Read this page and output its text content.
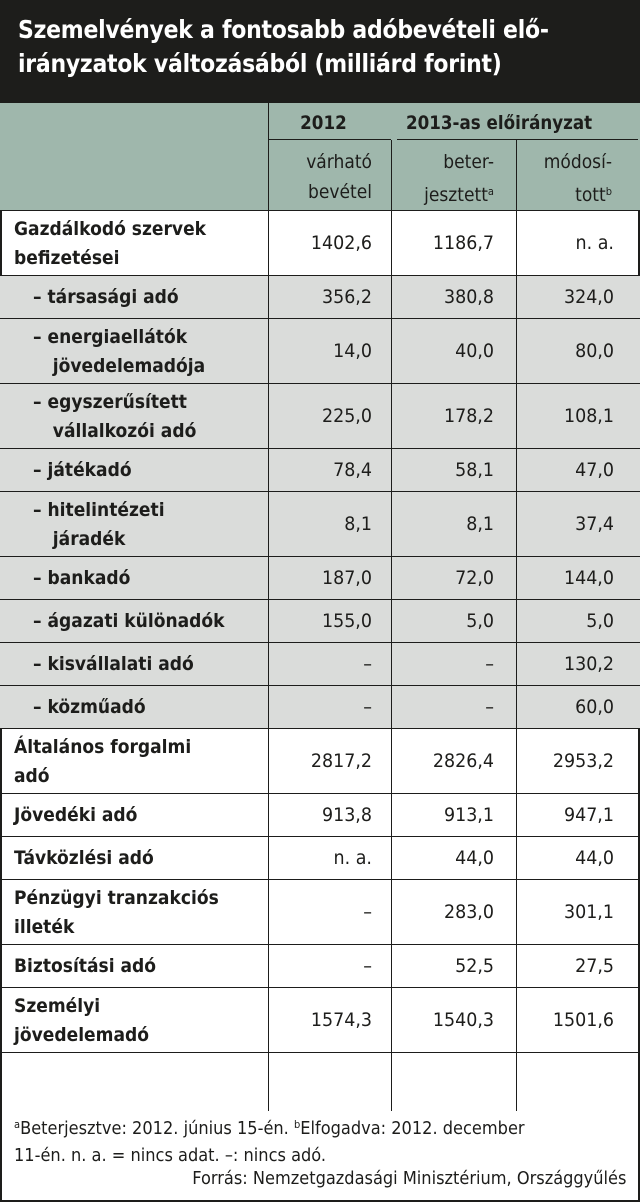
Szemelvények a fontosabb adóbevételi elő-
irányzatok változásából (milliárd forint)
2012	2013-as előirányzat
várható
bevétel
beter-
jesztett$^a$
módosí-
tott$^b$
Gazdálkodó szervek
befizetései
1402,6	1186,7	n. a.
– társasági adó	356,2	380,8	324,0
– energiaellátók
jövedelemadója
14,0	40,0	80,0
– egyszerűsített
vállalkozói adó
225,0	178,2	108,1
– játékadó	78,4	58,1	47,0
– hitelintézeti
járadék
8,1	8,1	37,4
– bankadó	187,0	72,0	144,0
– ágazati különadók	155,0	5,0	5,0
– kisvállalati adó	–	–	130,2
– közműadó	–	–	60,0
Általános forgalmi
adó
2817,2	2826,4	2953,2
Jövedéki adó	913,8	913,1	947,1
Távközlési adó	n. a.	44,0	44,0
Pénzügyi tranzakciós
illeték
–	283,0	301,1
Biztosítási adó	–	52,5	27,5
Személyi
jövedelemadó
1574,3	1540,3	1501,6
$^a$Beterjesztve: 2012. június 15-én. $^b$Elfogadva: 2012. december
11-én. n. a. = nincs adat. –: nincs adó.
Forrás: Nemzetgazdasági Minisztérium, Országgyűlés
